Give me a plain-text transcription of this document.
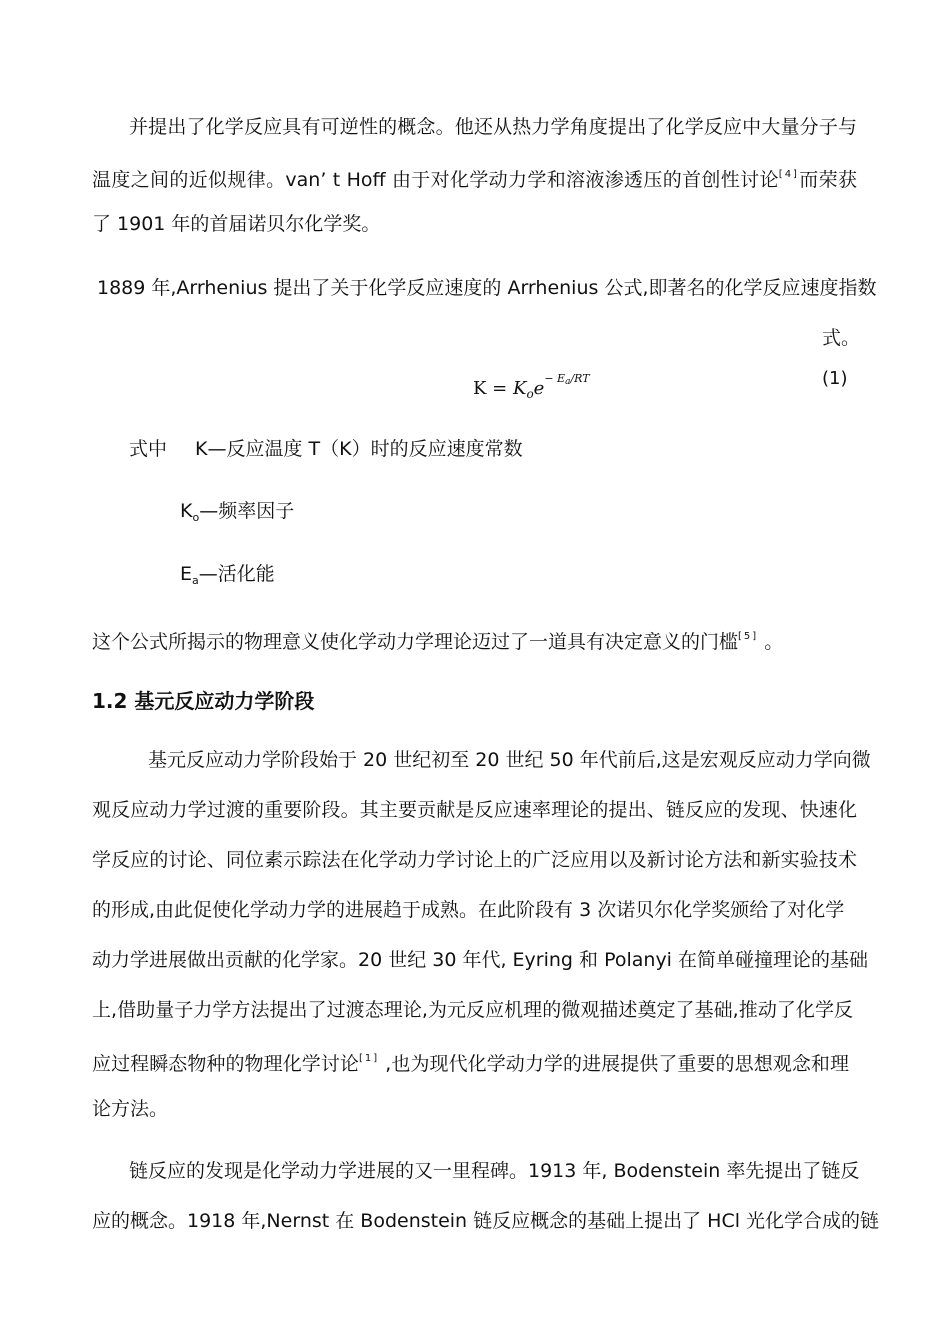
并提出了化学反应具有可逆性的概念。他还从热力学角度提出了化学反应中大量分子与
温度之间的近似规律。van’ t Hoff 由于对化学动力学和溶液渗透压的首创性讨论[4]而荣获
了 1901 年的首届诺贝尔化学奖。
1889 年,Arrhenius 提出了关于化学反应速度的 Arrhenius 公式,即著名的化学反应速度指数
式。
$K = K_oe^{- E_a/RT}$	(1)
式中 K—反应温度 T（K）时的反应速度常数
$K_o—$频率因子
$E_a—$活化能
这个公式所揭示的物理意义使化学动力学理论迈过了一道具有决定意义的门槛[5] 。
1.2 基元反应动力学阶段
基元反应动力学阶段始于 20 世纪初至 20 世纪 50 年代前后,这是宏观反应动力学向微
观反应动力学过渡的重要阶段。其主要贡献是反应速率理论的提出、链反应的发现、快速化
学反应的讨论、同位素示踪法在化学动力学讨论上的广泛应用以及新讨论方法和新实验技术
的形成,由此促使化学动力学的进展趋于成熟。在此阶段有 3 次诺贝尔化学奖颁给了对化学
动力学进展做出贡献的化学家。20 世纪 30 年代, Eyring 和 Polanyi 在简单碰撞理论的基础
上,借助量子力学方法提出了过渡态理论,为元反应机理的微观描述奠定了基础,推动了化学反
应过程瞬态物种的物理化学讨论[1] ,也为现代化学动力学的进展提供了重要的思想观念和理
论方法。
链反应的发现是化学动力学进展的又一里程碑。1913 年, Bodenstein 率先提出了链反
应的概念。1918 年,Nernst 在 Bodenstein 链反应概念的基础上提出了 HCl 光化学合成的链
